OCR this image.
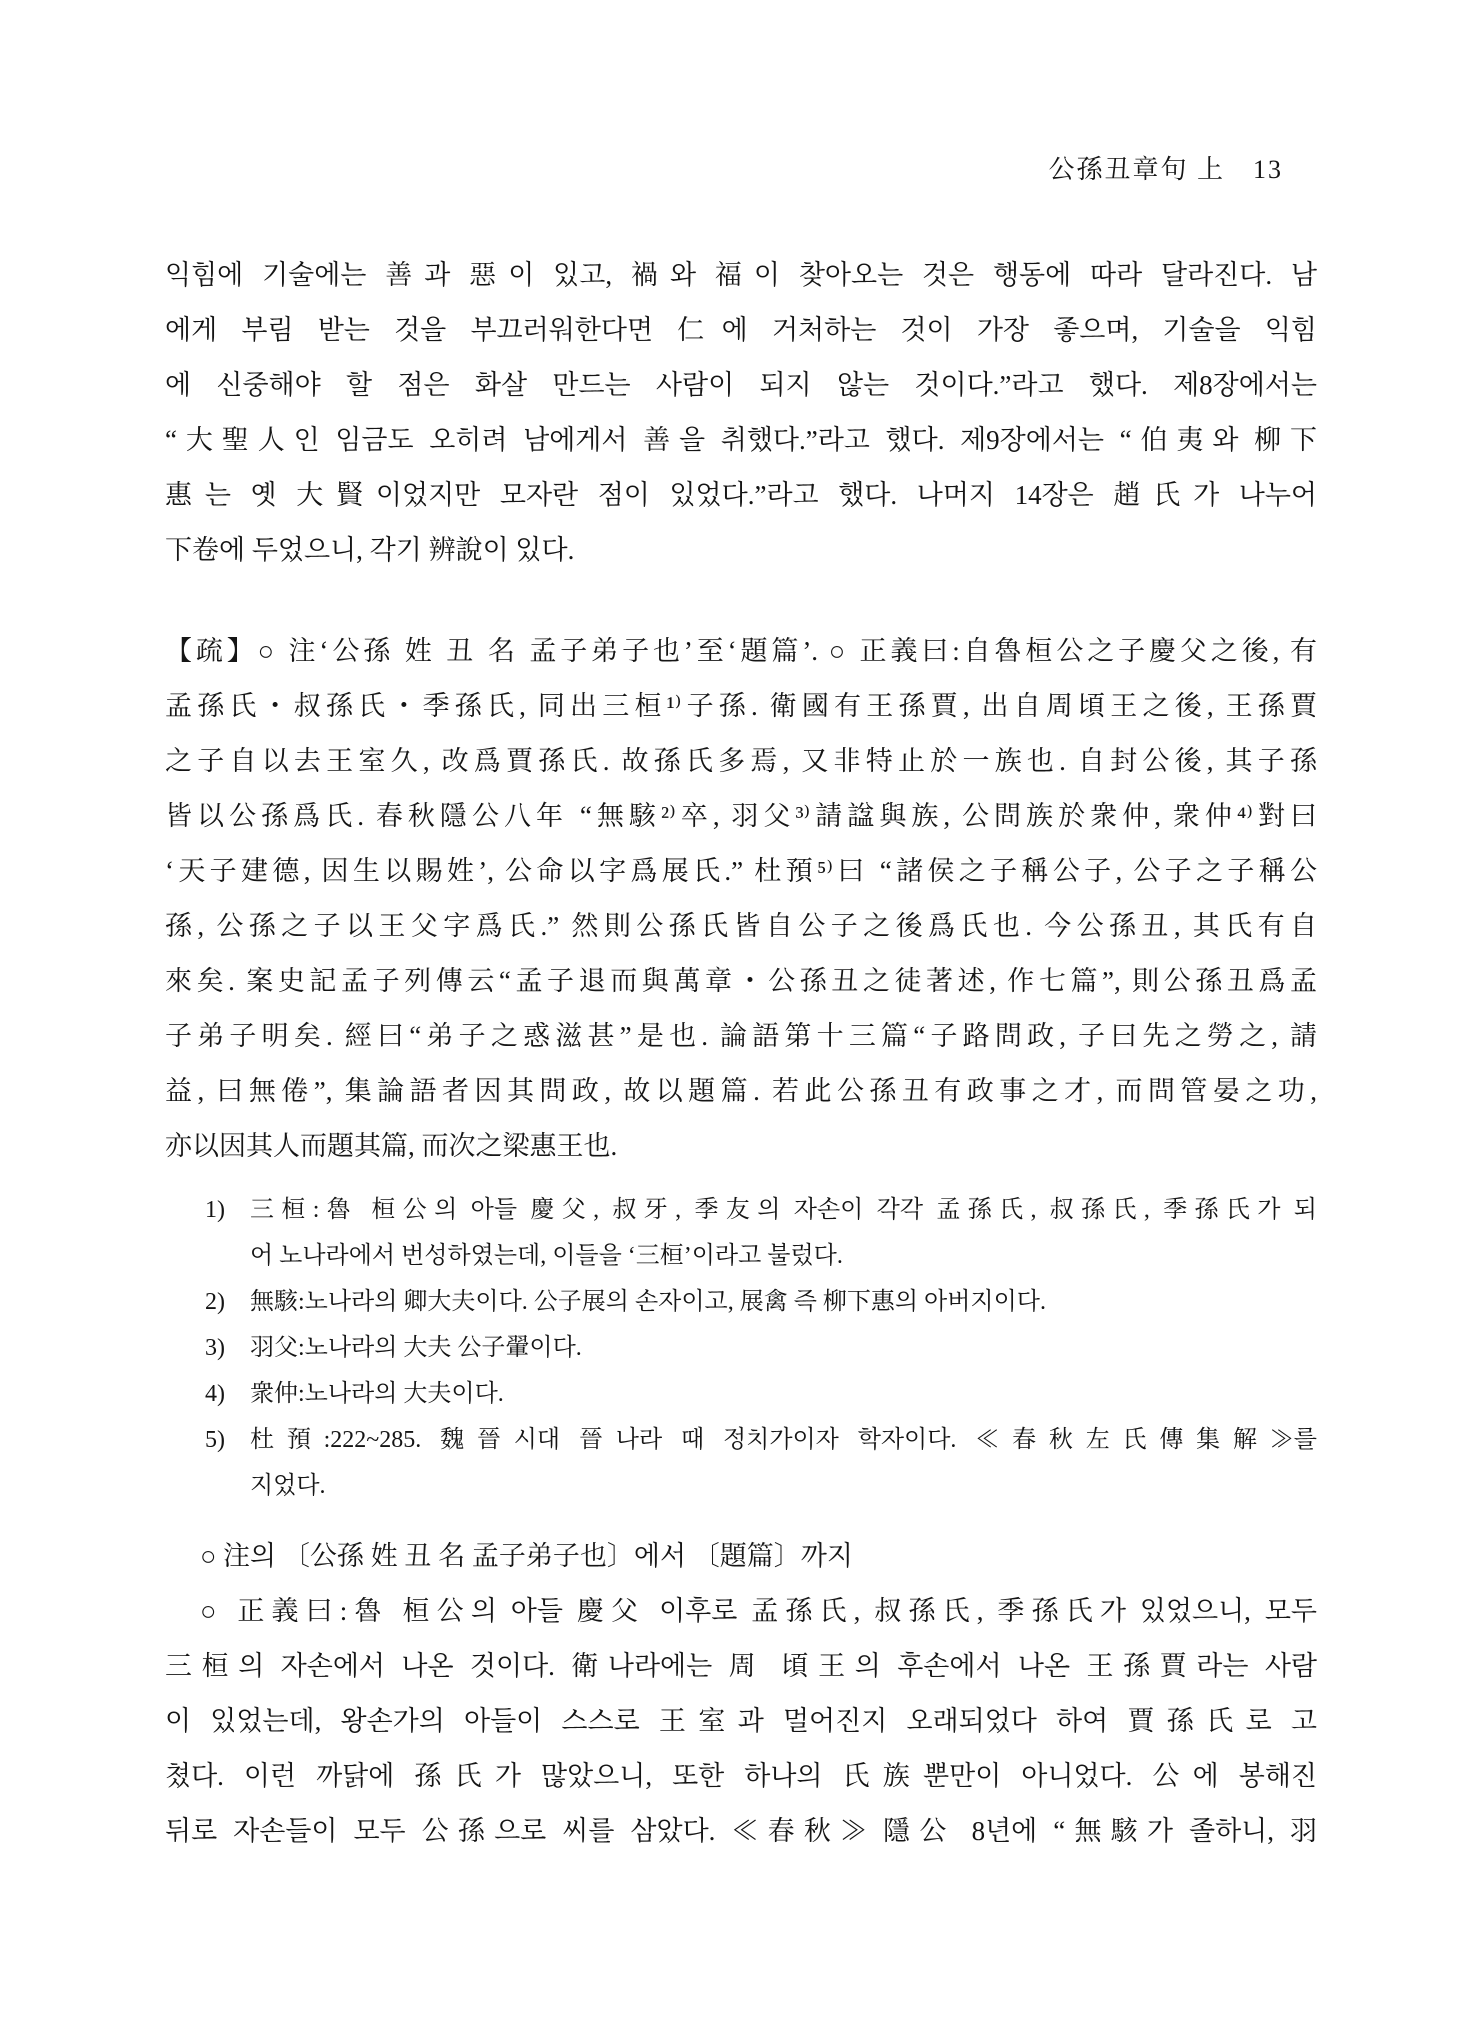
公孫丑章句 上 13
익힘에 기술에는 善과 惡이 있고, 禍와 福이 찾아오는 것은 행동에 따라 달라진다. 남
에게 부림 받는 것을 부끄러워한다면 仁에 거처하는 것이 가장 좋으며, 기술을 익힘
에 신중해야 할 점은 화살 만드는 사람이 되지 않는 것이다.”라고 했다. 제8장에서는
“大聖人인 임금도 오히려 남에게서 善을 취했다.”라고 했다. 제9장에서는 “伯夷와 柳下
惠는 옛 大賢이었지만 모자란 점이 있었다.”라고 했다. 나머지 14장은 趙氏가 나누어
下卷에 두었으니, 각기 辨說이 있다.
【疏】○ 注‘公孫 姓 丑 名 孟子弟子也’至‘題篇’. ○ 正義曰:自魯桓公之子慶父之後, 有
孟孫氏・叔孫氏・季孫氏, 同出三桓¹⁾子孫. 衛國有王孫賈, 出自周頃王之後, 王孫賈
之子自以去王室久, 改爲賈孫氏. 故孫氏多焉, 又非特止於一族也. 自封公後, 其子孫
皆以公孫爲氏. 春秋隱公八年 “無駭²⁾卒, 羽父³⁾請諡與族, 公問族於衆仲, 衆仲⁴⁾對曰
‘天子建德, 因生以賜姓’, 公命以字爲展氏.” 杜預⁵⁾曰 “諸侯之子稱公子, 公子之子稱公
孫, 公孫之子以王父字爲氏.” 然則公孫氏皆自公子之後爲氏也. 今公孫丑, 其氏有自
來矣. 案史記孟子列傳云“孟子退而與萬章・公孫丑之徒著述, 作七篇”, 則公孫丑爲孟
子弟子明矣. 經曰“弟子之惑滋甚”是也. 論語第十三篇“子路問政, 子曰先之勞之, 請
益, 曰無倦”, 集論語者因其問政, 故以題篇. 若此公孫丑有政事之才, 而問管晏之功,
亦以因其人而題其篇, 而次之梁惠王也.
1)	三桓:魯 桓公의 아들 慶父, 叔牙, 季友의 자손이 각각 孟孫氏, 叔孫氏, 季孫氏가 되
어 노나라에서 번성하였는데, 이들을 ‘三桓’이라고 불렀다.
2)	無駭:노나라의 卿大夫이다. 公子展의 손자이고, 展禽 즉 柳下惠의 아버지이다.
3)	羽父:노나라의 大夫 公子翬이다.
4)	衆仲:노나라의 大夫이다.
5)	杜預:222~285. 魏晉시대 晉나라 때 정치가이자 학자이다. ≪春秋左氏傳集解≫를
지었다.
○ 注의 〔公孫 姓 丑 名 孟子弟子也〕에서 〔題篇〕까지
○ 正義曰:魯 桓公의 아들 慶父 이후로 孟孫氏, 叔孫氏, 季孫氏가 있었으니, 모두
三桓의 자손에서 나온 것이다. 衛나라에는 周 頃王의 후손에서 나온 王孫賈라는 사람
이 있었는데, 왕손가의 아들이 스스로 王室과 멀어진지 오래되었다 하여 賈孫氏로 고
쳤다. 이런 까닭에 孫氏가 많았으니, 또한 하나의 氏族뿐만이 아니었다. 公에 봉해진
뒤로 자손들이 모두 公孫으로 씨를 삼았다. ≪春秋≫ 隱公 8년에 “無駭가 졸하니, 羽
